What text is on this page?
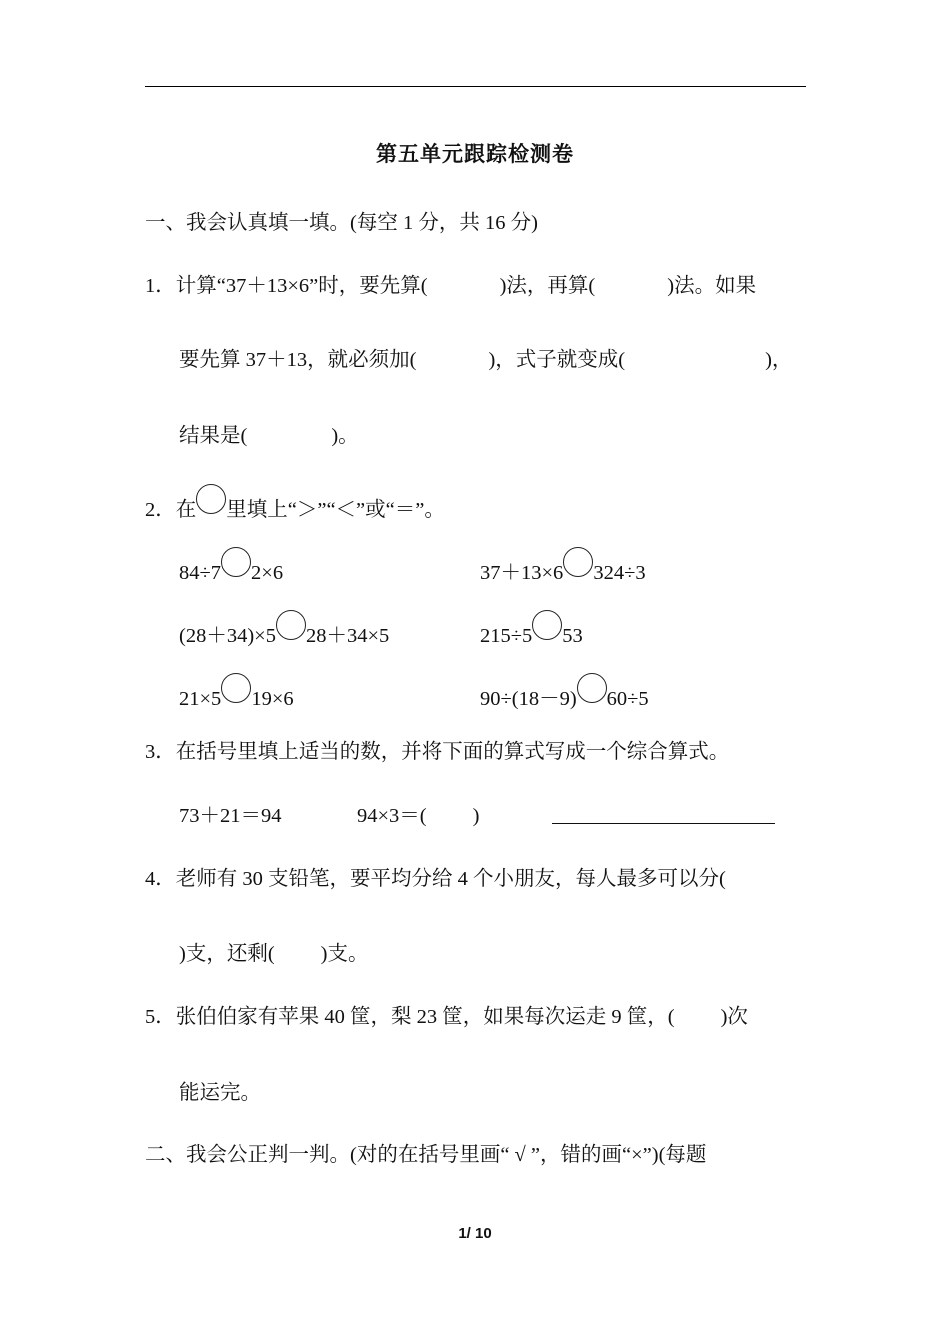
第五单元跟踪检测卷
一、我会认真填一填。(每空 1 分，共 16 分)
1．计算“37＋13×6”时，要先算(	)法，再算(	)法。如果
要先算 37＋13，就必须加(	)，式子就变成(	)，
结果是(	)。
2．在 里填上“＞”“＜”或“＝”。
84÷7 2×6	37＋13×6 324÷3
(28＋34)×5 28＋34×5	215÷5 53
21×5 19×6	90÷(18－9) 60÷5
3．在括号里填上适当的数，并将下面的算式写成一个综合算式。
73＋21＝94	94×3＝( )
4．老师有 30 支铅笔，要平均分给 4 个小朋友，每人最多可以分(
)支，还剩( )支。
5．张伯伯家有苹果 40 筐，梨 23 筐，如果每次运走 9 筐，( )次
能运完。
二、我会公正判一判。(对的在括号里画“ √ ”，错的画“×”)(每题
1/ 10
